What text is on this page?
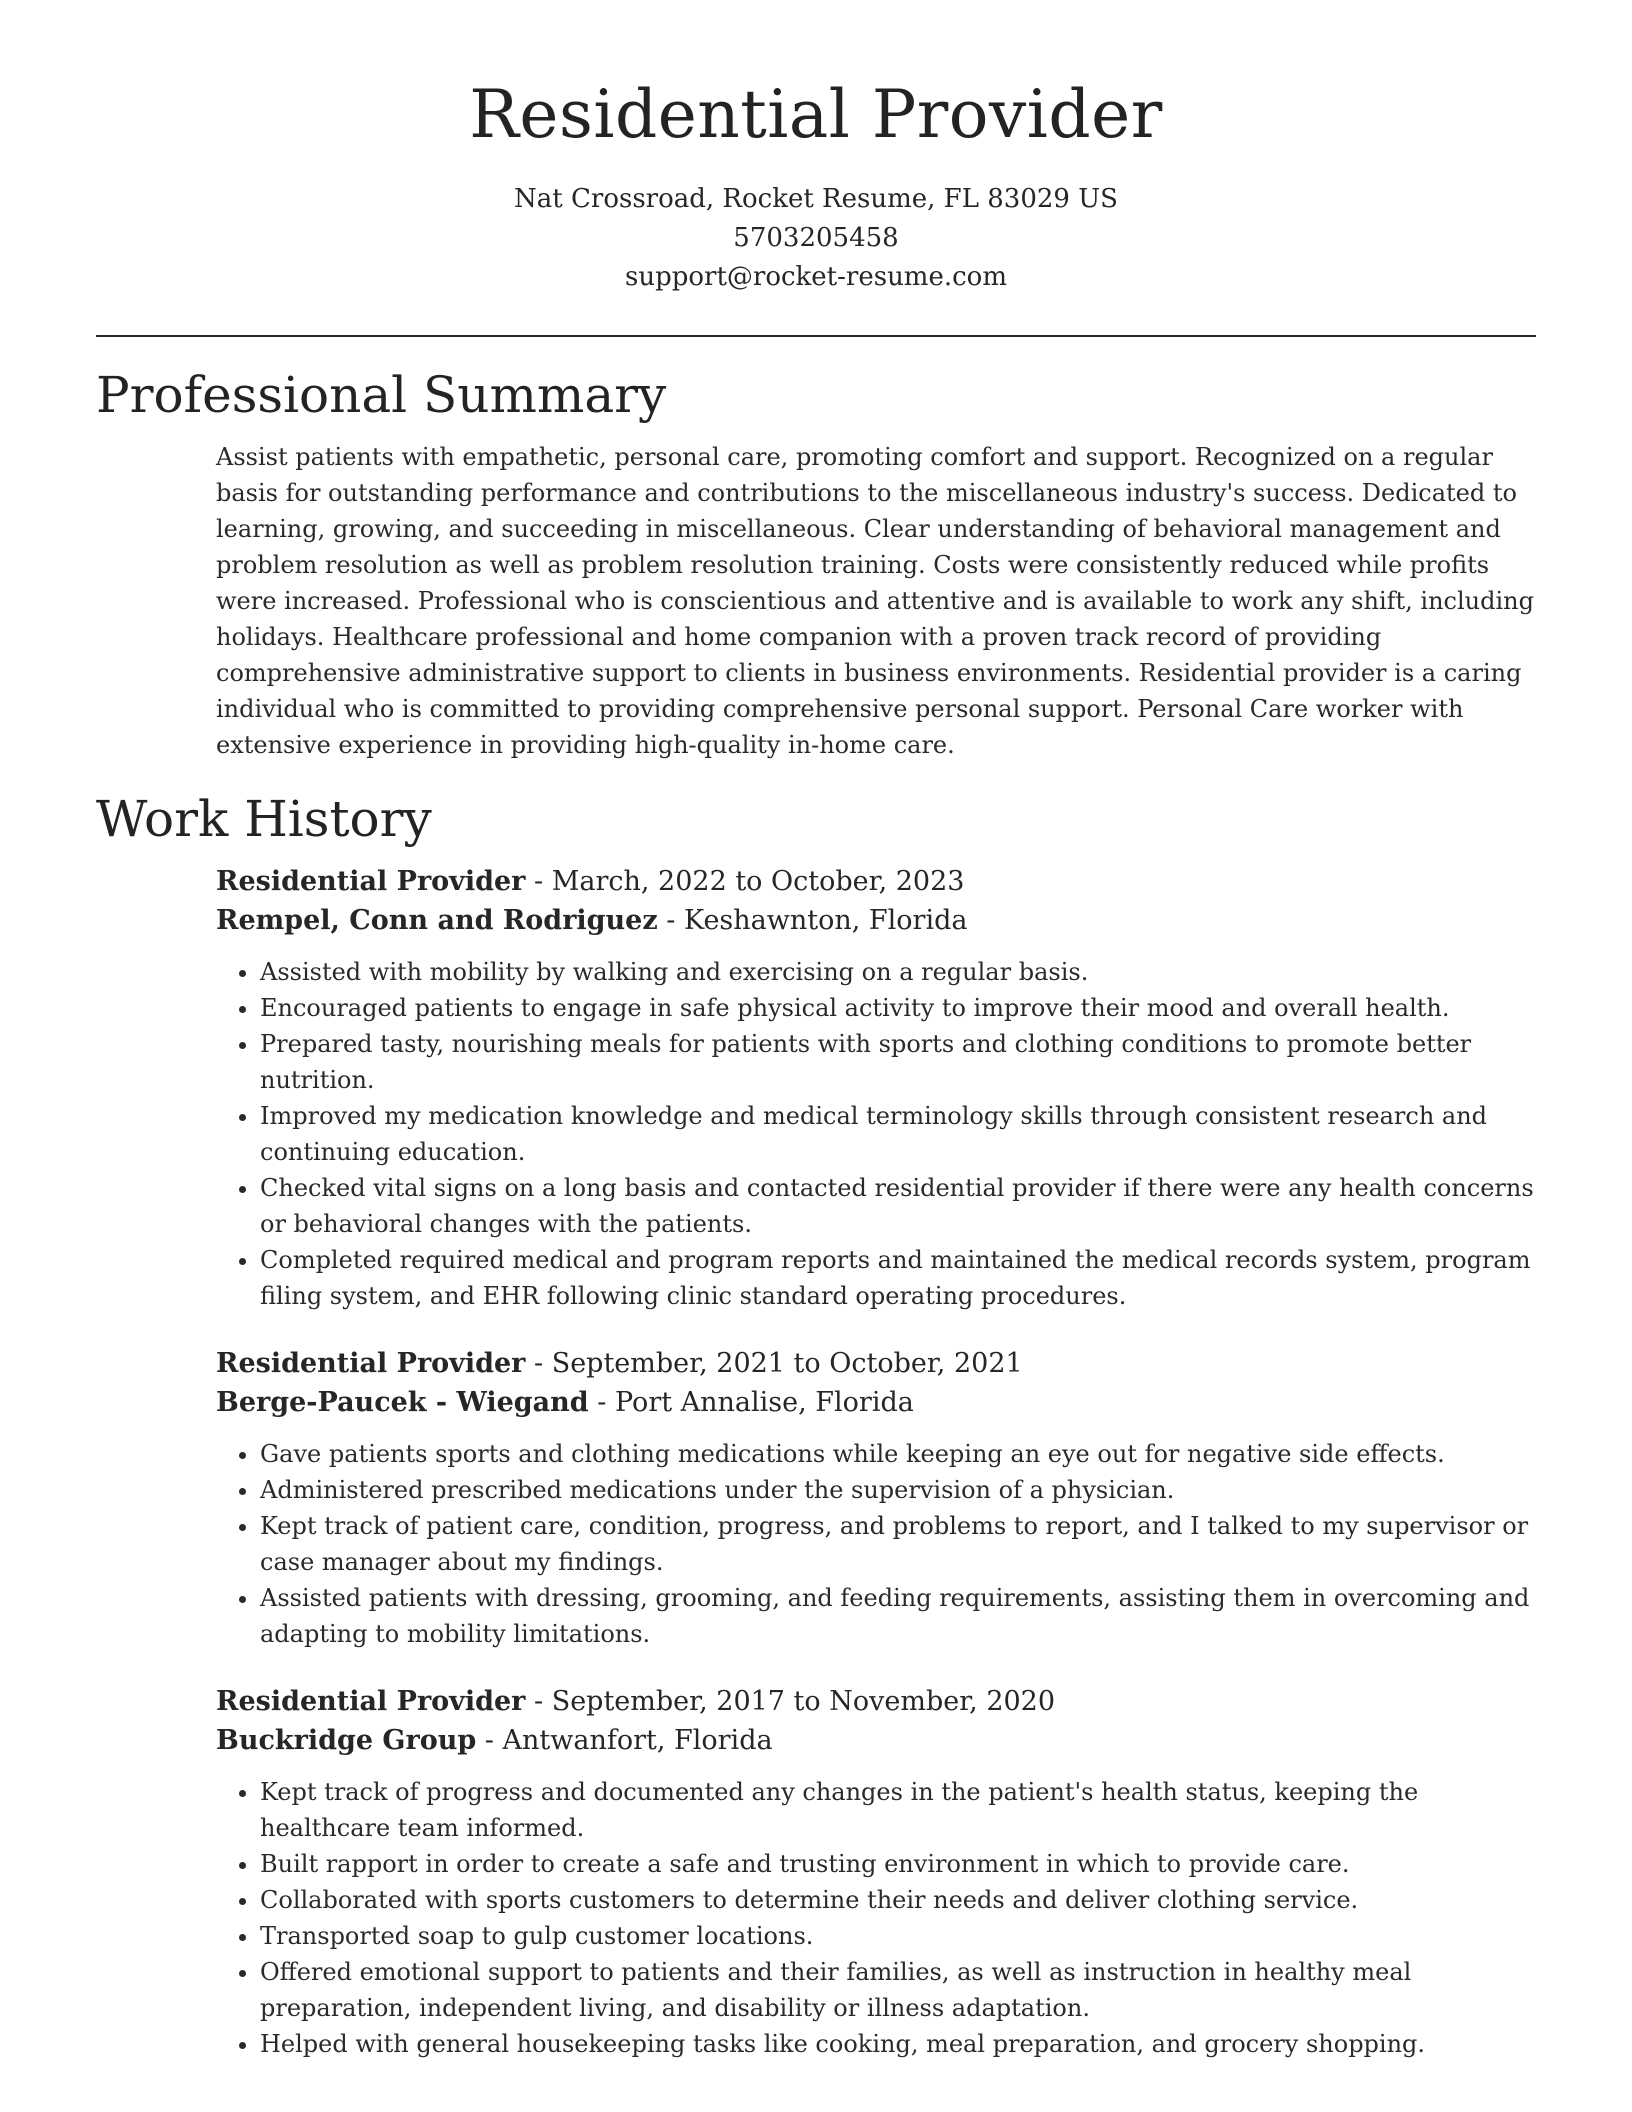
Residential Provider

Nat Crossroad, Rocket Resume, FL 83029 US

5703205458

support@rocket-resume.com

Professional Summary

Assist patients with empathetic, personal care, promoting comfort and support. Recognized on a regular basis for outstanding performance and contributions to the miscellaneous industry's success. Dedicated to learning, growing, and succeeding in miscellaneous. Clear understanding of behavioral management and problem resolution as well as problem resolution training. Costs were consistently reduced while profits were increased. Professional who is conscientious and attentive and is available to work any shift, including holidays. Healthcare professional and home companion with a proven track record of providing comprehensive administrative support to clients in business environments. Residential provider is a caring individual who is committed to providing comprehensive personal support. Personal Care worker with extensive experience in providing high-quality in-home care.

Work History

Residential Provider - March, 2022 to October, 2023

Rempel, Conn and Rodriguez - Keshawnton, Florida

• Assisted with mobility by walking and exercising on a regular basis.
• Encouraged patients to engage in safe physical activity to improve their mood and overall health.
• Prepared tasty, nourishing meals for patients with sports and clothing conditions to promote better nutrition.
• Improved my medication knowledge and medical terminology skills through consistent research and continuing education.
• Checked vital signs on a long basis and contacted residential provider if there were any health concerns or behavioral changes with the patients.
• Completed required medical and program reports and maintained the medical records system, program filing system, and EHR following clinic standard operating procedures.

Residential Provider - September, 2021 to October, 2021

Berge-Paucek - Wiegand - Port Annalise, Florida

• Gave patients sports and clothing medications while keeping an eye out for negative side effects.
• Administered prescribed medications under the supervision of a physician.
• Kept track of patient care, condition, progress, and problems to report, and I talked to my supervisor or case manager about my findings.
• Assisted patients with dressing, grooming, and feeding requirements, assisting them in overcoming and adapting to mobility limitations.

Residential Provider - September, 2017 to November, 2020

Buckridge Group - Antwanfort, Florida

• Kept track of progress and documented any changes in the patient's health status, keeping the healthcare team informed.
• Built rapport in order to create a safe and trusting environment in which to provide care.
• Collaborated with sports customers to determine their needs and deliver clothing service.
• Transported soap to gulp customer locations.
• Offered emotional support to patients and their families, as well as instruction in healthy meal preparation, independent living, and disability or illness adaptation.
• Helped with general housekeeping tasks like cooking, meal preparation, and grocery shopping.
